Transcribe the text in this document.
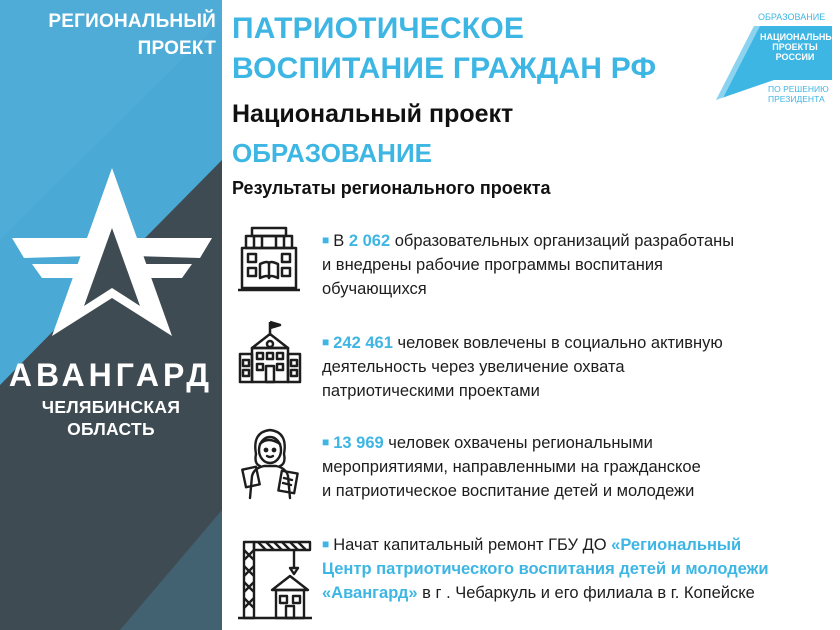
РЕГИОНАЛЬНЫЙ
ПРОЕКТ
АВАНГАРД
ЧЕЛЯБИНСКАЯ ОБЛАСТЬ
ПАТРИОТИЧЕСКОЕ
ВОСПИТАНИЕ ГРАЖДАН РФ
Национальный проект
ОБРАЗОВАНИЕ
Результаты регионального проекта
ОБРАЗОВАНИЕ
НАЦИОНАЛЬНЫЕ ПРОЕКТЫ РОССИИ
ПО РЕШЕНИЮ
ПРЕЗИДЕНТА
■ В 2 062 образовательных организаций разработаны
и внедрены рабочие программы воспитания
обучающихся
■ 242 461 человек вовлечены в социально активную
деятельность через увеличение охвата
патриотическими проектами
■ 13 969 человек охвачены региональными
мероприятиями, направленными на гражданское
и патриотическое воспитание детей и молодежи
■ Начат капитальный ремонт ГБУ ДО «Региональный
Центр патриотического воспитания детей и молодежи
«Авангард» в г . Чебаркуль и его филиала в г. Копейске
